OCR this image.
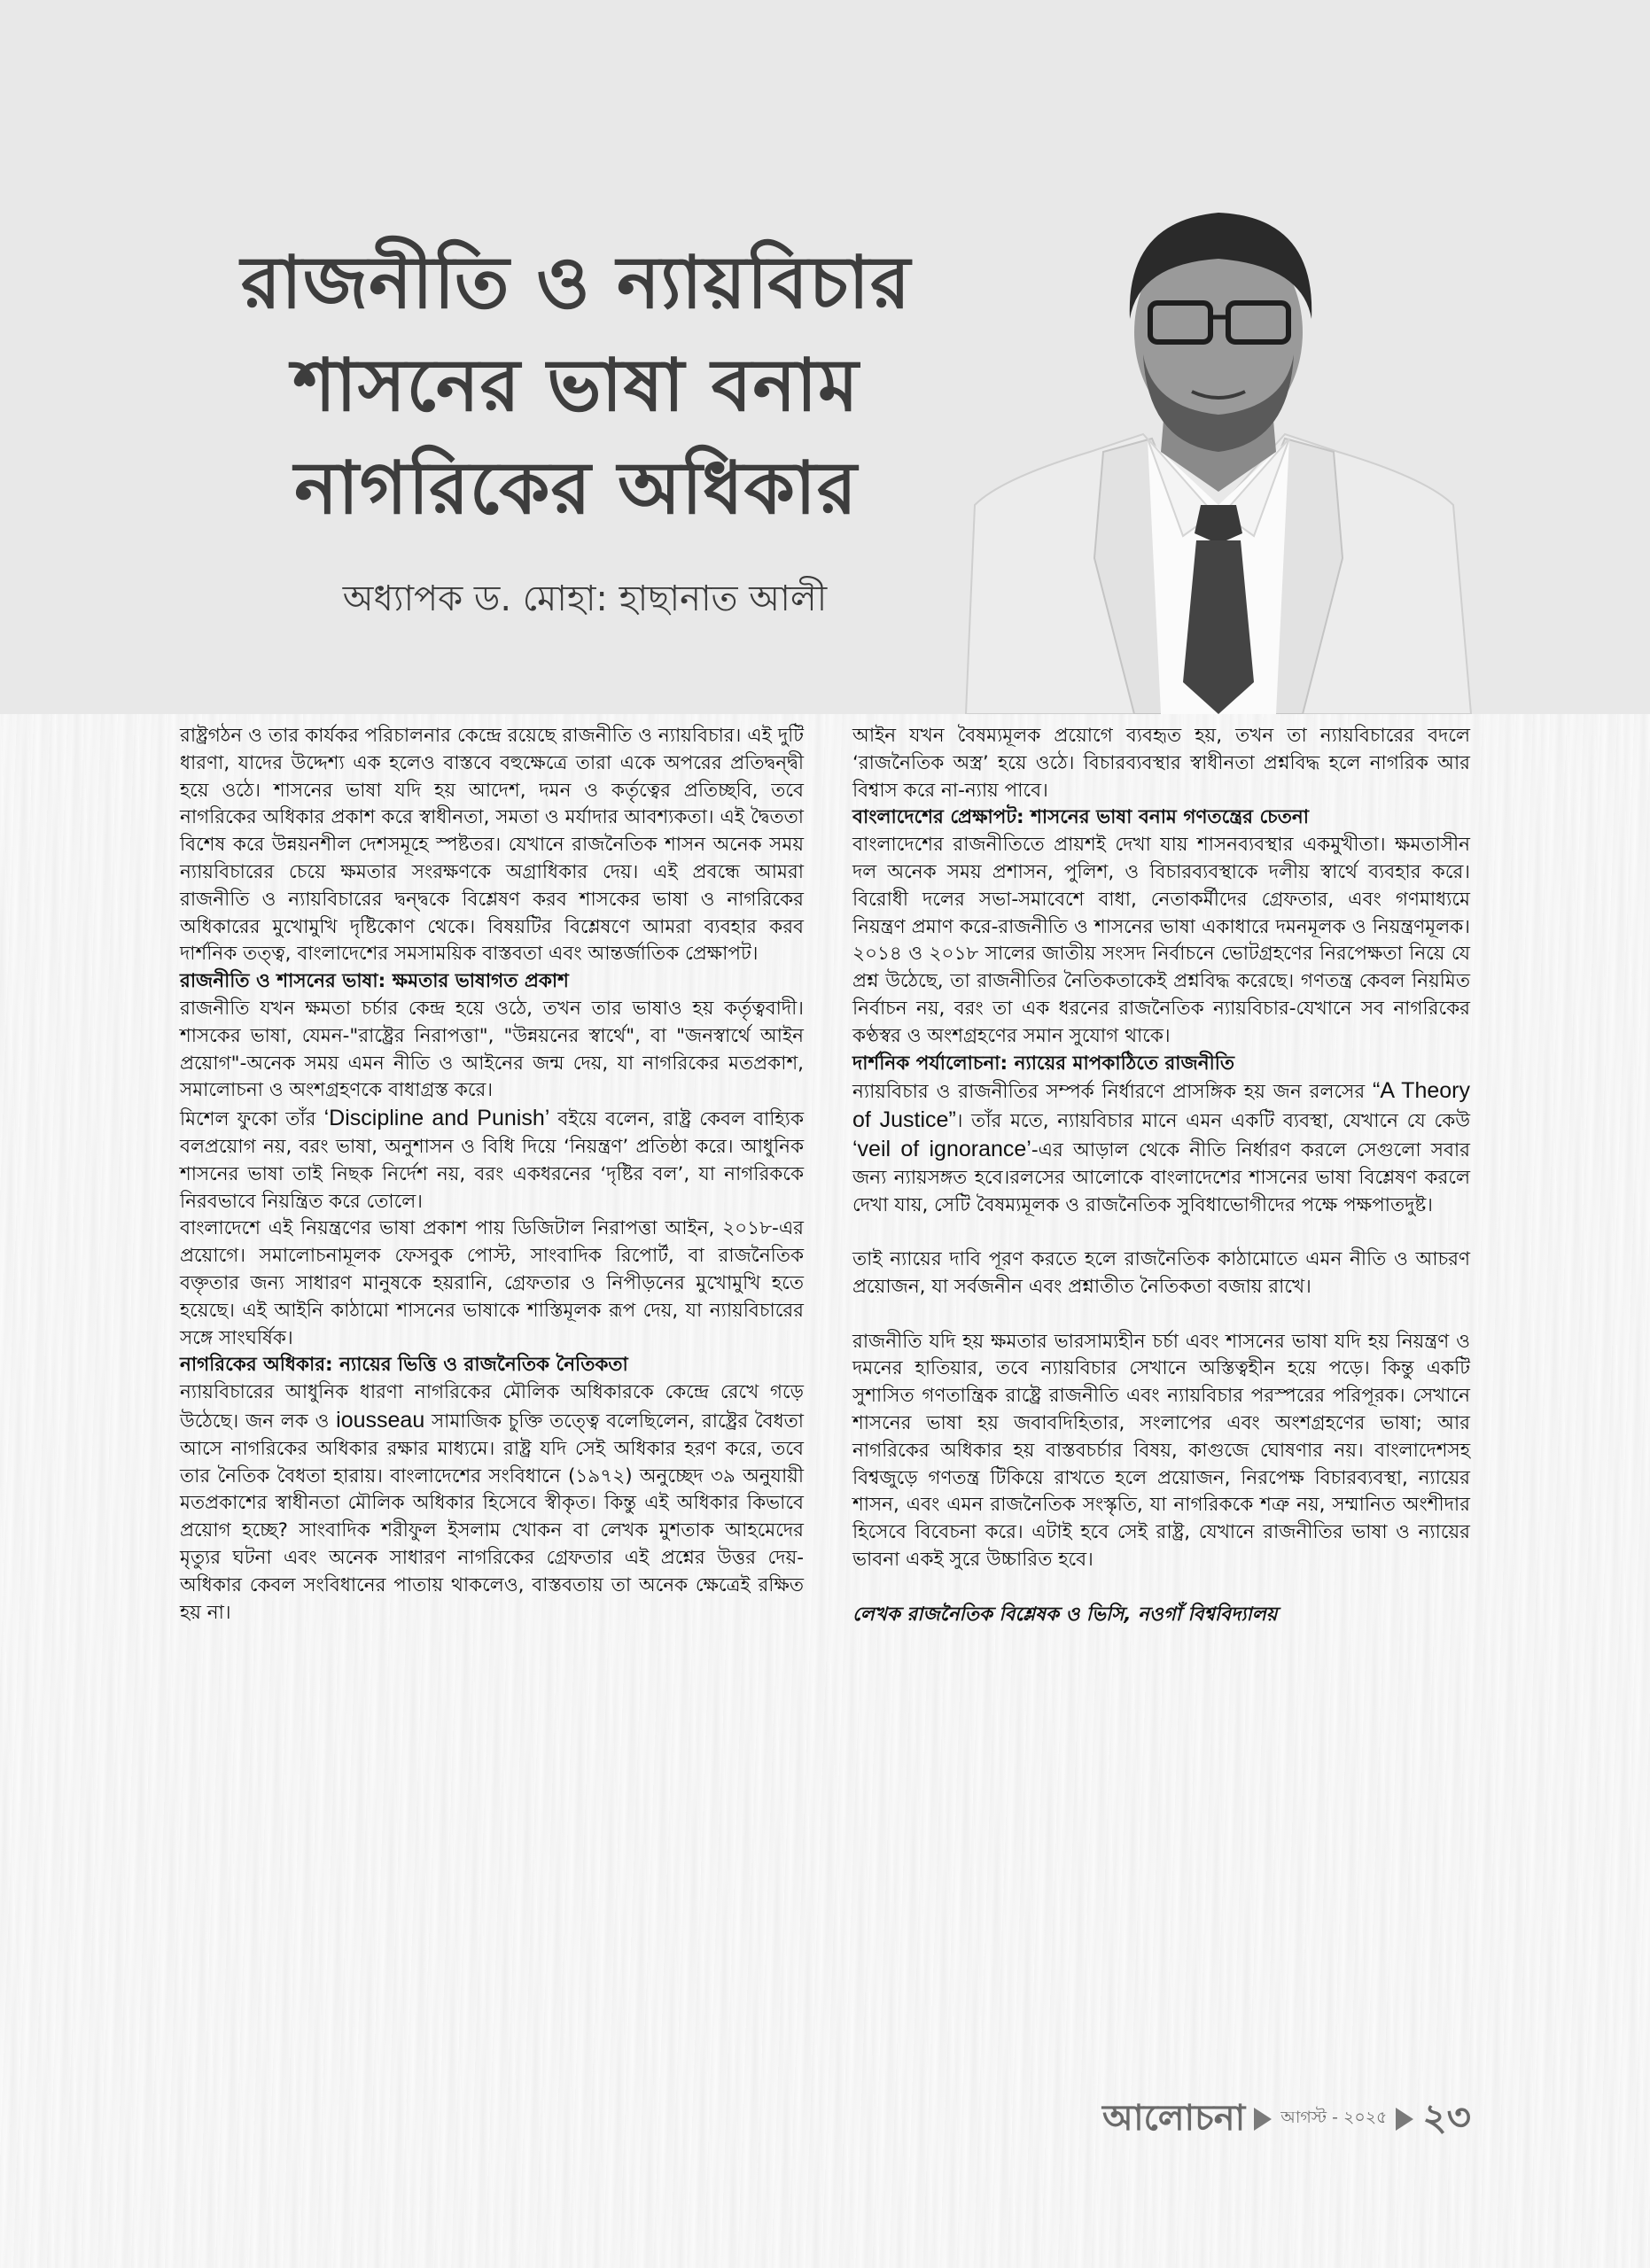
রাজনীতি ও ন্যায়বিচার
শাসনের ভাষা বনাম
নাগরিকের অধিকার
অধ্যাপক ড. মোহা: হাছানাত আলী

রাষ্ট্রগঠন ও তার কার্যকর পরিচালনার কেন্দ্রে রয়েছে রাজনীতি ও ন্যায়বিচার। এই দুটি ধারণা, যাদের উদ্দেশ্য এক হলেও বাস্তবে বহুক্ষেত্রে তারা একে অপরের প্রতিদ্বন্দ্বী হয়ে ওঠে। শাসনের ভাষা যদি হয় আদেশ, দমন ও কর্তৃত্বের প্রতিচ্ছবি, তবে নাগরিকের অধিকার প্রকাশ করে স্বাধীনতা, সমতা ও মর্যাদার আবশ্যকতা। এই দ্বৈততা বিশেষ করে উন্নয়নশীল দেশসমূহে স্পষ্টতর। যেখানে রাজনৈতিক শাসন অনেক সময় ন্যায়বিচারের চেয়ে ক্ষমতার সংরক্ষণকে অগ্রাধিকার দেয়। এই প্রবন্ধে আমরা রাজনীতি ও ন্যায়বিচারের দ্বন্দ্বকে বিশ্লেষণ করব শাসকের ভাষা ও নাগরিকের অধিকারের মুখোমুখি দৃষ্টিকোণ থেকে। বিষয়টির বিশ্লেষণে আমরা ব্যবহার করব দার্শনিক তত্ত্ব, বাংলাদেশের সমসাময়িক বাস্তবতা এবং আন্তর্জাতিক প্রেক্ষাপট।

রাজনীতি ও শাসনের ভাষা: ক্ষমতার ভাষাগত প্রকাশ

রাজনীতি যখন ক্ষমতা চর্চার কেন্দ্র হয়ে ওঠে, তখন তার ভাষাও হয় কর্তৃত্ববাদী। শাসকের ভাষা, যেমন-"রাষ্ট্রের নিরাপত্তা", "উন্নয়নের স্বার্থে", বা "জনস্বার্থে আইন প্রয়োগ"-অনেক সময় এমন নীতি ও আইনের জন্ম দেয়, যা নাগরিকের মতপ্রকাশ, সমালোচনা ও অংশগ্রহণকে বাধাগ্রস্ত করে।

মিশেল ফুকো তাঁর ‘Discipline and Punish’ বইয়ে বলেন, রাষ্ট্র কেবল বাহ্যিক বলপ্রয়োগ নয়, বরং ভাষা, অনুশাসন ও বিধি দিয়ে ‘নিয়ন্ত্রণ’ প্রতিষ্ঠা করে। আধুনিক শাসনের ভাষা তাই নিছক নির্দেশ নয়, বরং একধরনের ‘দৃষ্টির বল’, যা নাগরিককে নিরবভাবে নিয়ন্ত্রিত করে তোলে।

বাংলাদেশে এই নিয়ন্ত্রণের ভাষা প্রকাশ পায় ডিজিটাল নিরাপত্তা আইন, ২০১৮-এর প্রয়োগে। সমালোচনামূলক ফেসবুক পোস্ট, সাংবাদিক রিপোর্ট, বা রাজনৈতিক বক্তৃতার জন্য সাধারণ মানুষকে হয়রানি, গ্রেফতার ও নিপীড়নের মুখোমুখি হতে হয়েছে। এই আইনি কাঠামো শাসনের ভাষাকে শাস্তিমূলক রূপ দেয়, যা ন্যায়বিচারের সঙ্গে সাংঘর্ষিক।

নাগরিকের অধিকার: ন্যায়ের ভিত্তি ও রাজনৈতিক নৈতিকতা

ন্যায়বিচারের আধুনিক ধারণা নাগরিকের মৌলিক অধিকারকে কেন্দ্রে রেখে গড়ে উঠেছে। জন লক ও iousseau সামাজিক চুক্তি তত্ত্বে বলেছিলেন, রাষ্ট্রের বৈধতা আসে নাগরিকের অধিকার রক্ষার মাধ্যমে। রাষ্ট্র যদি সেই অধিকার হরণ করে, তবে তার নৈতিক বৈধতা হারায়। বাংলাদেশের সংবিধানে (১৯৭২) অনুচ্ছেদ ৩৯ অনুযায়ী মতপ্রকাশের স্বাধীনতা মৌলিক অধিকার হিসেবে স্বীকৃত। কিন্তু এই অধিকার কিভাবে প্রয়োগ হচ্ছে? সাংবাদিক শরীফুল ইসলাম খোকন বা লেখক মুশতাক আহমেদের মৃত্যুর ঘটনা এবং অনেক সাধারণ নাগরিকের গ্রেফতার এই প্রশ্নের উত্তর দেয়-অধিকার কেবল সংবিধানের পাতায় থাকলেও, বাস্তবতায় তা অনেক ক্ষেত্রেই রক্ষিত হয় না।

আইন যখন বৈষম্যমূলক প্রয়োগে ব্যবহৃত হয়, তখন তা ন্যায়বিচারের বদলে ‘রাজনৈতিক অস্ত্র’ হয়ে ওঠে। বিচারব্যবস্থার স্বাধীনতা প্রশ্নবিদ্ধ হলে নাগরিক আর বিশ্বাস করে না-ন্যায় পাবে।

বাংলাদেশের প্রেক্ষাপট: শাসনের ভাষা বনাম গণতন্ত্রের চেতনা

বাংলাদেশের রাজনীতিতে প্রায়শই দেখা যায় শাসনব্যবস্থার একমুখীতা। ক্ষমতাসীন দল অনেক সময় প্রশাসন, পুলিশ, ও বিচারব্যবস্থাকে দলীয় স্বার্থে ব্যবহার করে। বিরোধী দলের সভা-সমাবেশে বাধা, নেতাকর্মীদের গ্রেফতার, এবং গণমাধ্যমে নিয়ন্ত্রণ প্রমাণ করে-রাজনীতি ও শাসনের ভাষা একাধারে দমনমূলক ও নিয়ন্ত্রণমূলক। ২০১৪ ও ২০১৮ সালের জাতীয় সংসদ নির্বাচনে ভোটগ্রহণের নিরপেক্ষতা নিয়ে যে প্রশ্ন উঠেছে, তা রাজনীতির নৈতিকতাকেই প্রশ্নবিদ্ধ করেছে। গণতন্ত্র কেবল নিয়মিত নির্বাচন নয়, বরং তা এক ধরনের রাজনৈতিক ন্যায়বিচার-যেখানে সব নাগরিকের কণ্ঠস্বর ও অংশগ্রহণের সমান সুযোগ থাকে।

দার্শনিক পর্যালোচনা: ন্যায়ের মাপকাঠিতে রাজনীতি

ন্যায়বিচার ও রাজনীতির সম্পর্ক নির্ধারণে প্রাসঙ্গিক হয় জন রলসের “A Theory of Justice”। তাঁর মতে, ন্যায়বিচার মানে এমন একটি ব্যবস্থা, যেখানে যে কেউ ‘veil of ignorance’-এর আড়াল থেকে নীতি নির্ধারণ করলে সেগুলো সবার জন্য ন্যায়সঙ্গত হবে।রলসের আলোকে বাংলাদেশের শাসনের ভাষা বিশ্লেষণ করলে দেখা যায়, সেটি বৈষম্যমূলক ও রাজনৈতিক সুবিধাভোগীদের পক্ষে পক্ষপাতদুষ্ট।

তাই ন্যায়ের দাবি পূরণ করতে হলে রাজনৈতিক কাঠামোতে এমন নীতি ও আচরণ প্রয়োজন, যা সর্বজনীন এবং প্রশ্নাতীত নৈতিকতা বজায় রাখে।

রাজনীতি যদি হয় ক্ষমতার ভারসাম্যহীন চর্চা এবং শাসনের ভাষা যদি হয় নিয়ন্ত্রণ ও দমনের হাতিয়ার, তবে ন্যায়বিচার সেখানে অস্তিত্বহীন হয়ে পড়ে। কিন্তু একটি সুশাসিত গণতান্ত্রিক রাষ্ট্রে রাজনীতি এবং ন্যায়বিচার পরস্পরের পরিপূরক। সেখানে শাসনের ভাষা হয় জবাবদিহিতার, সংলাপের এবং অংশগ্রহণের ভাষা; আর নাগরিকের অধিকার হয় বাস্তবচর্চার বিষয়, কাগুজে ঘোষণার নয়। বাংলাদেশসহ বিশ্বজুড়ে গণতন্ত্র টিকিয়ে রাখতে হলে প্রয়োজন, নিরপেক্ষ বিচারব্যবস্থা, ন্যায়ের শাসন, এবং এমন রাজনৈতিক সংস্কৃতি, যা নাগরিককে শত্রু নয়, সম্মানিত অংশীদার হিসেবে বিবেচনা করে। এটাই হবে সেই রাষ্ট্র, যেখানে রাজনীতির ভাষা ও ন্যায়ের ভাবনা একই সুরে উচ্চারিত হবে।

লেখক রাজনৈতিক বিশ্লেষক ও ভিসি, নওগাঁ বিশ্ববিদ্যালয়

আলোচনা আগস্ট - ২০২৫ ২৩
